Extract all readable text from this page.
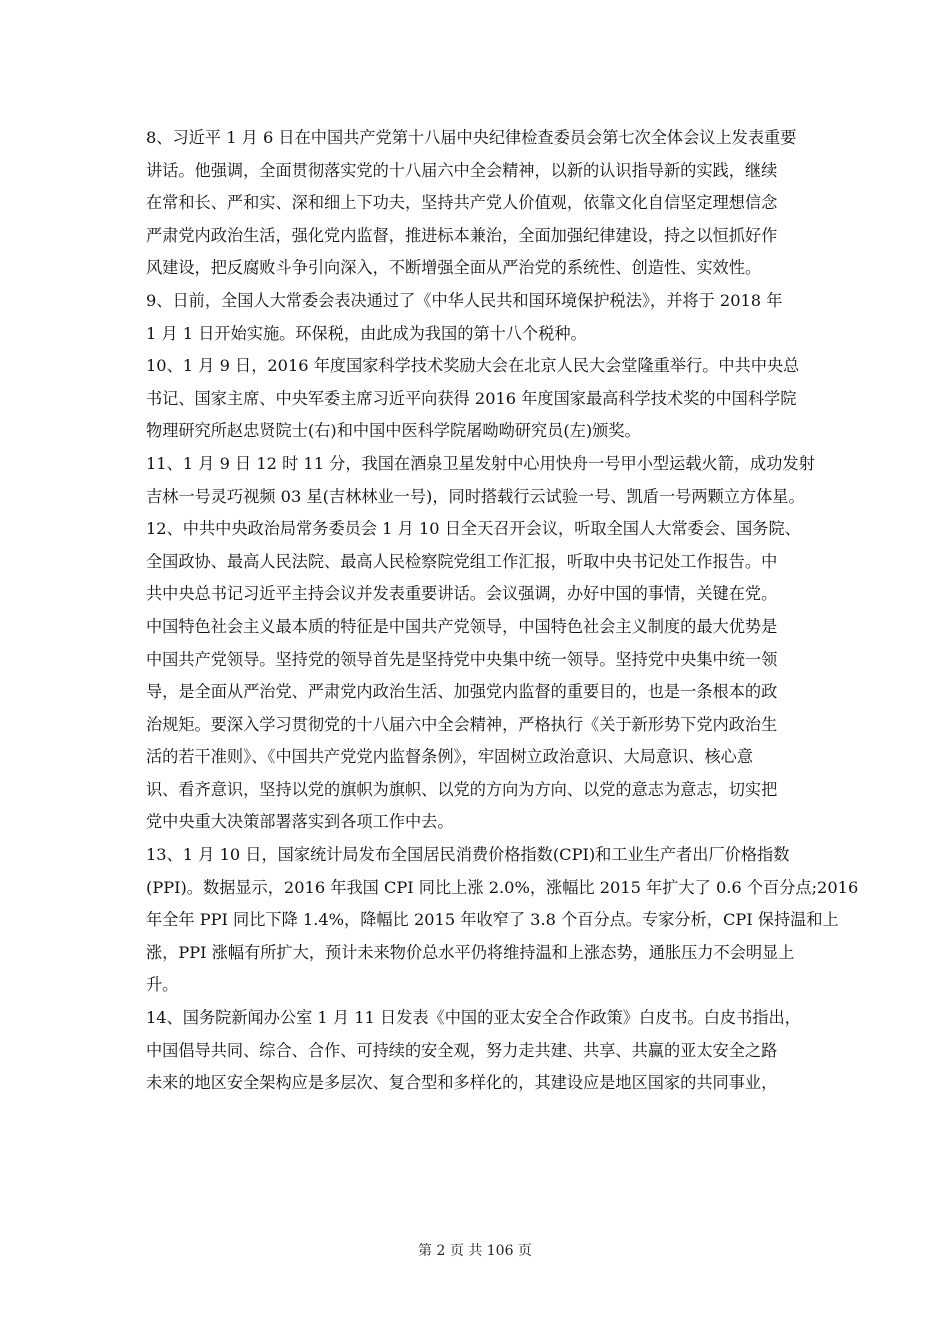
8、习近平 1 月 6 日在中国共产党第十八届中央纪律检查委员会第七次全体会议上发表重要
讲话。他强调，全面贯彻落实党的十八届六中全会精神，以新的认识指导新的实践，继续
在常和长、严和实、深和细上下功夫，坚持共产党人价值观，依靠文化自信坚定理想信念
严肃党内政治生活，强化党内监督，推进标本兼治，全面加强纪律建设，持之以恒抓好作
风建设，把反腐败斗争引向深入，不断增强全面从严治党的系统性、创造性、实效性。
9、日前，全国人大常委会表决通过了《中华人民共和国环境保护税法》，并将于 2018 年
1 月 1 日开始实施。环保税，由此成为我国的第十八个税种。
10、1 月 9 日，2016 年度国家科学技术奖励大会在北京人民大会堂隆重举行。中共中央总
书记、国家主席、中央军委主席习近平向获得 2016 年度国家最高科学技术奖的中国科学院
物理研究所赵忠贤院士(右)和中国中医科学院屠呦呦研究员(左)颁奖。
11、1 月 9 日 12 时 11 分，我国在酒泉卫星发射中心用快舟一号甲小型运载火箭，成功发射
吉林一号灵巧视频 03 星(吉林林业一号)，同时搭载行云试验一号、凯盾一号两颗立方体星。
12、中共中央政治局常务委员会 1 月 10 日全天召开会议，听取全国人大常委会、国务院、
全国政协、最高人民法院、最高人民检察院党组工作汇报，听取中央书记处工作报告。中
共中央总书记习近平主持会议并发表重要讲话。会议强调，办好中国的事情，关键在党。
中国特色社会主义最本质的特征是中国共产党领导，中国特色社会主义制度的最大优势是
中国共产党领导。坚持党的领导首先是坚持党中央集中统一领导。坚持党中央集中统一领
导，是全面从严治党、严肃党内政治生活、加强党内监督的重要目的，也是一条根本的政
治规矩。要深入学习贯彻党的十八届六中全会精神，严格执行《关于新形势下党内政治生
活的若干准则》、《中国共产党党内监督条例》，牢固树立政治意识、大局意识、核心意
识、看齐意识，坚持以党的旗帜为旗帜、以党的方向为方向、以党的意志为意志，切实把
党中央重大决策部署落实到各项工作中去。
13、1 月 10 日，国家统计局发布全国居民消费价格指数(CPI)和工业生产者出厂价格指数
(PPI)。数据显示，2016 年我国 CPI 同比上涨 2.0%，涨幅比 2015 年扩大了 0.6 个百分点;2016
年全年 PPI 同比下降 1.4%，降幅比 2015 年收窄了 3.8 个百分点。专家分析，CPI 保持温和上
涨，PPI 涨幅有所扩大，预计未来物价总水平仍将维持温和上涨态势，通胀压力不会明显上
升。
14、国务院新闻办公室 1 月 11 日发表《中国的亚太安全合作政策》白皮书。白皮书指出，
中国倡导共同、综合、合作、可持续的安全观，努力走共建、共享、共赢的亚太安全之路
未来的地区安全架构应是多层次、复合型和多样化的，其建设应是地区国家的共同事业，
第 2 页 共 106 页
